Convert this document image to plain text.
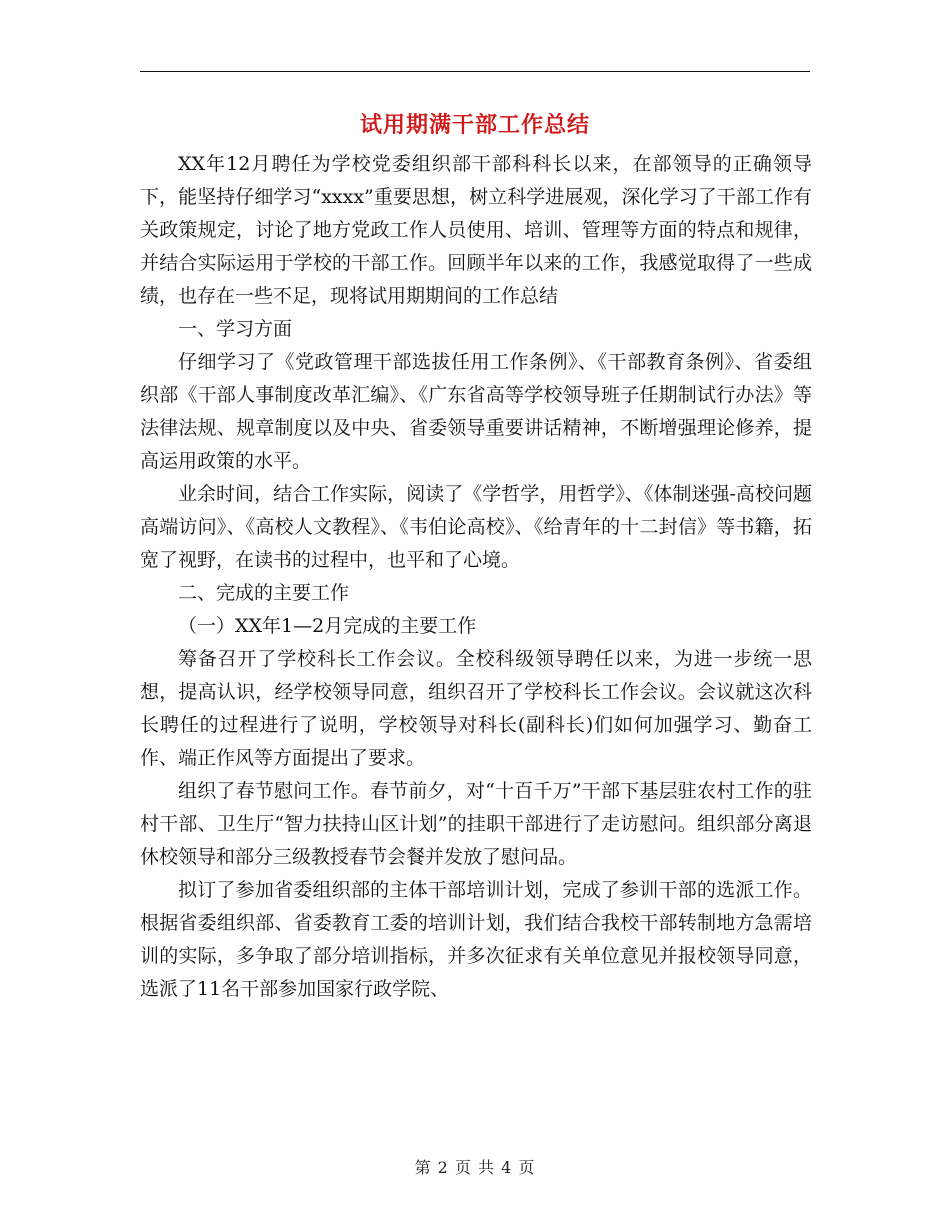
试用期满干部工作总结

XX年12月聘任为学校党委组织部干部科科长以来，在部领导的正确领导下，能坚持仔细学习“xxxx”重要思想，树立科学进展观，深化学习了干部工作有关政策规定，讨论了地方党政工作人员使用、培训、管理等方面的特点和规律，并结合实际运用于学校的干部工作。回顾半年以来的工作，我感觉取得了一些成绩，也存在一些不足，现将试用期期间的工作总结

一、学习方面

仔细学习了《党政管理干部选拔任用工作条例》、《干部教育条例》、省委组织部《干部人事制度改革汇编》、《广东省高等学校领导班子任期制试行办法》等法律法规、规章制度以及中央、省委领导重要讲话精神，不断增强理论修养，提高运用政策的水平。

业余时间，结合工作实际，阅读了《学哲学，用哲学》、《体制迷强-高校问题高端访问》、《高校人文教程》、《韦伯论高校》、《给青年的十二封信》等书籍，拓宽了视野，在读书的过程中，也平和了心境。

二、完成的主要工作

（一）XX年1—2月完成的主要工作

筹备召开了学校科长工作会议。全校科级领导聘任以来，为进一步统一思想，提高认识，经学校领导同意，组织召开了学校科长工作会议。会议就这次科长聘任的过程进行了说明，学校领导对科长(副科长)们如何加强学习、勤奋工作、端正作风等方面提出了要求。

组织了春节慰问工作。春节前夕，对“十百千万”干部下基层驻农村工作的驻村干部、卫生厅“智力扶持山区计划”的挂职干部进行了走访慰问。组织部分离退休校领导和部分三级教授春节会餐并发放了慰问品。

拟订了参加省委组织部的主体干部培训计划，完成了参训干部的选派工作。根据省委组织部、省委教育工委的培训计划，我们结合我校干部转制地方急需培训的实际，多争取了部分培训指标，并多次征求有关单位意见并报校领导同意，选派了11名干部参加国家行政学院、

第 2 页 共 4 页
